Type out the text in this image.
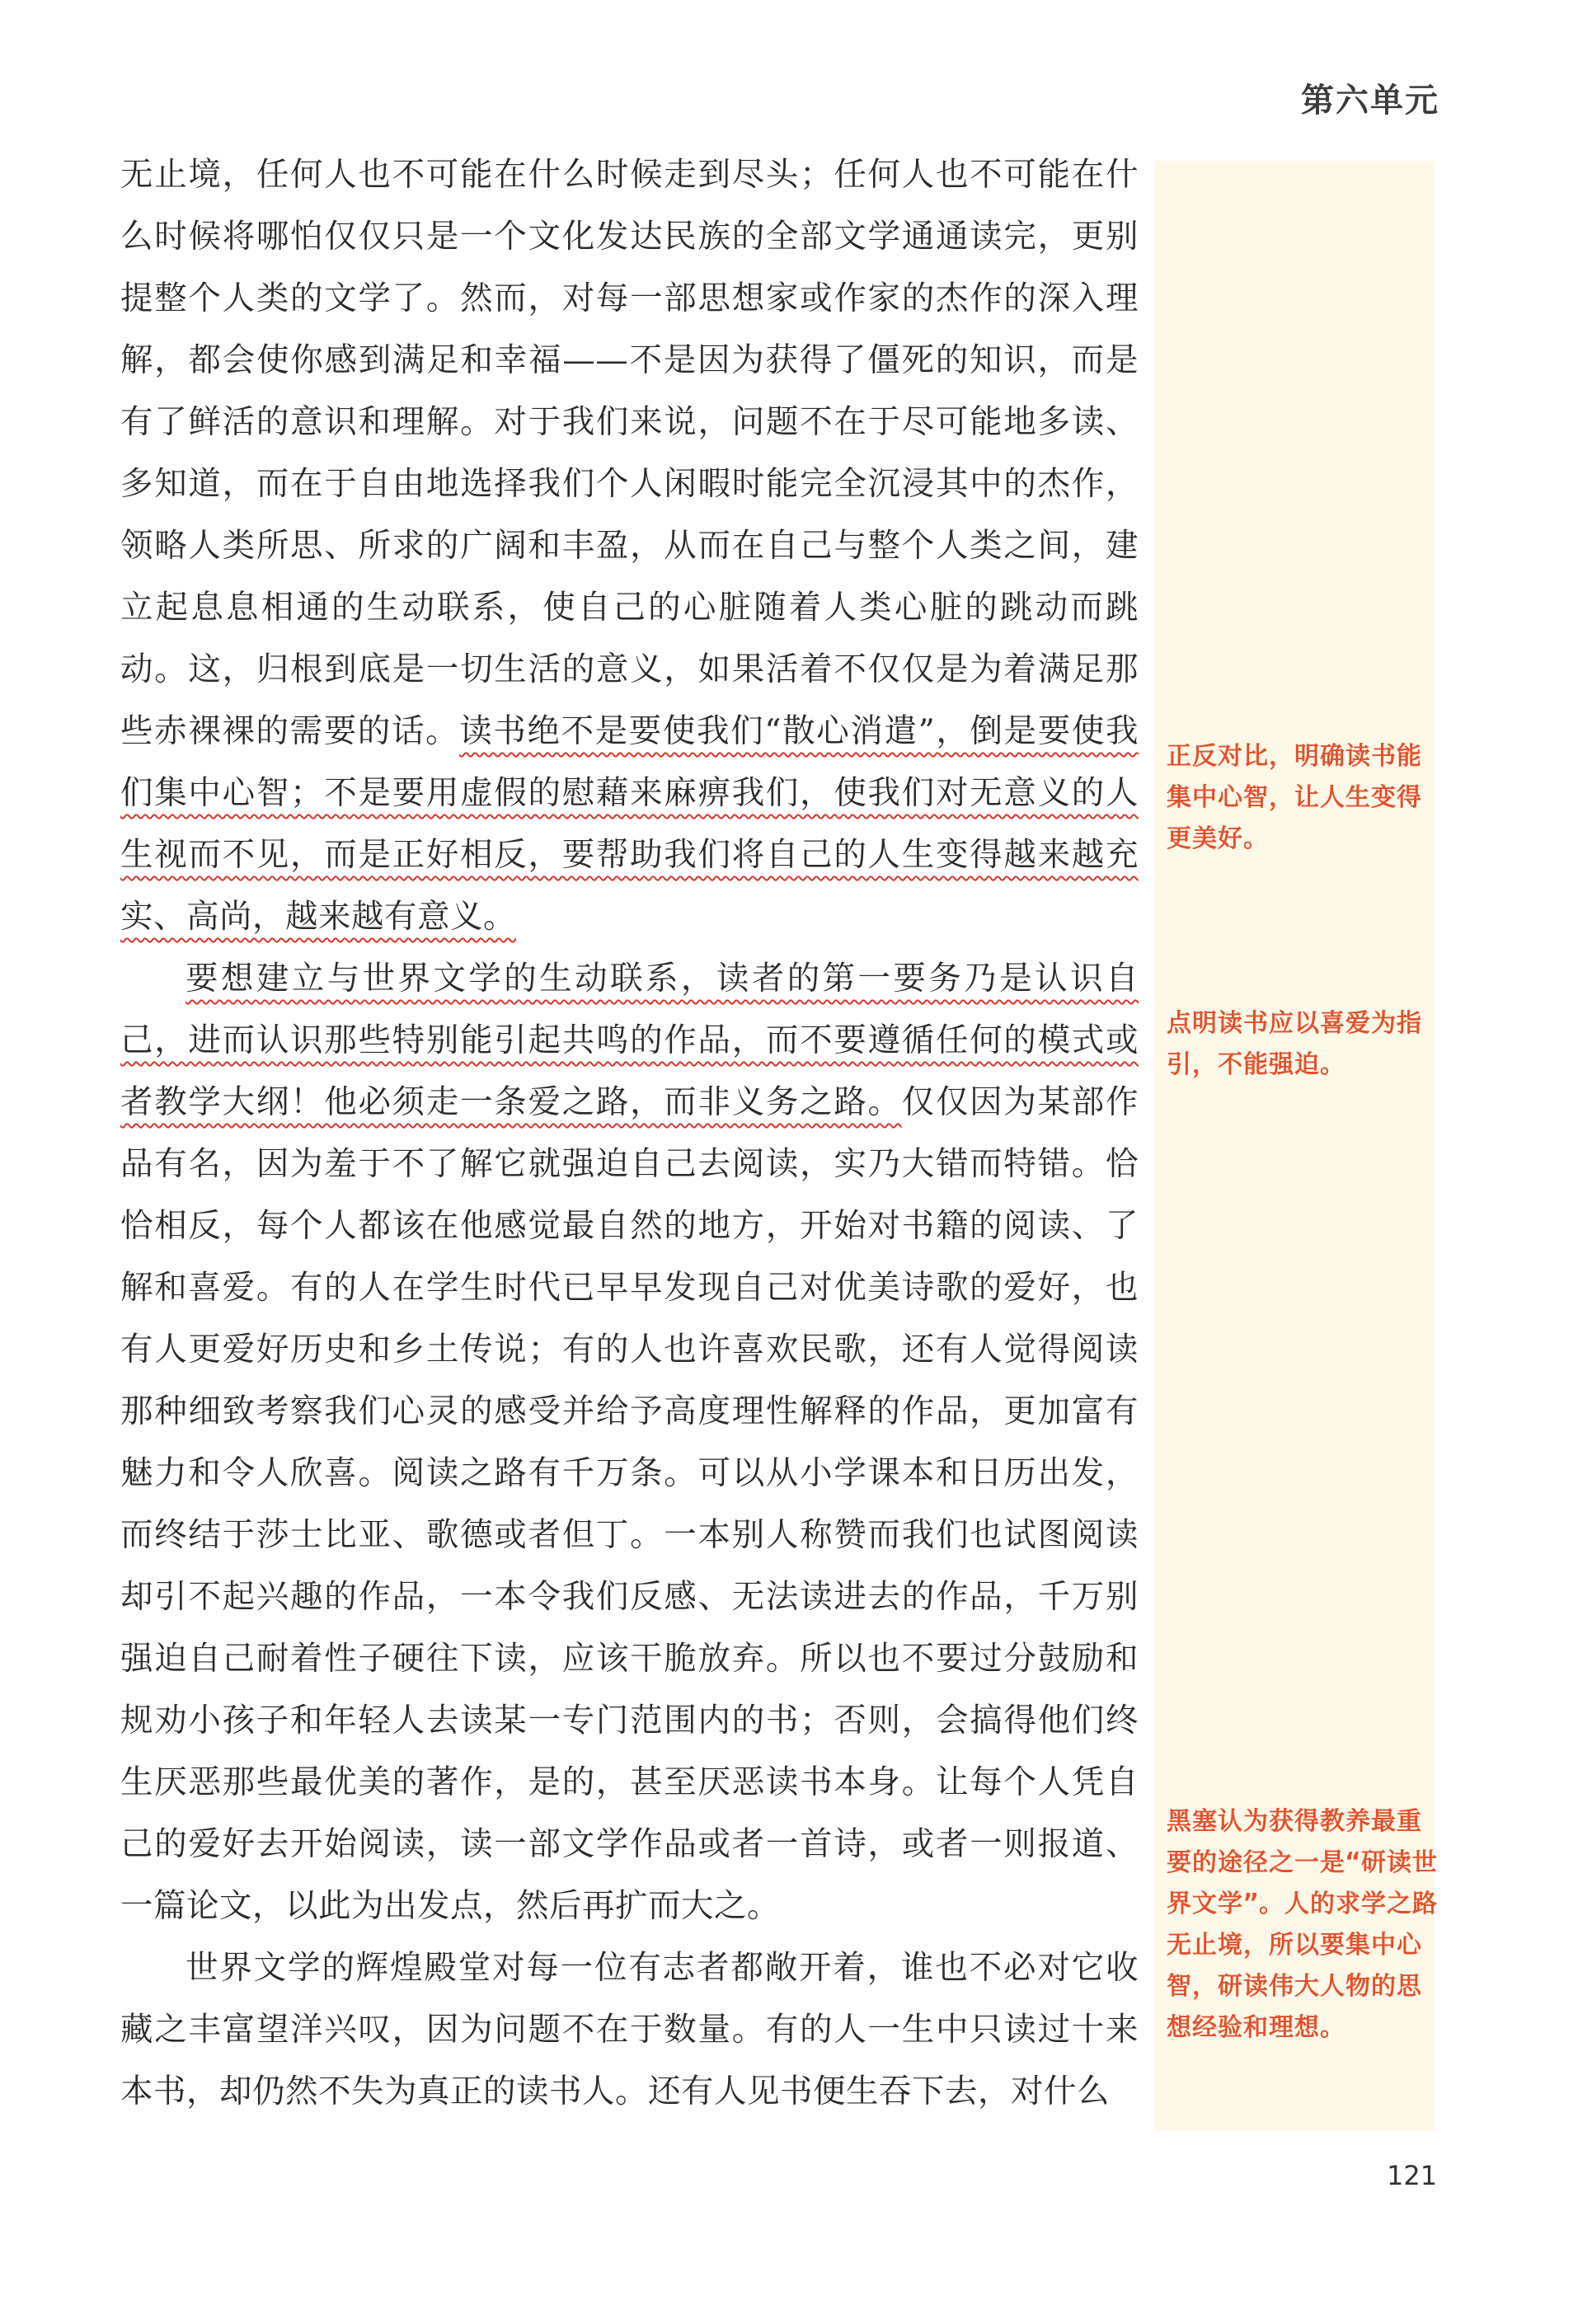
第六单元

无止境，任何人也不可能在什么时候走到尽头；任何人也不可能在什么时候将哪怕仅仅只是一个文化发达民族的全部文学通通读完，更别提整个人类的文学了。然而，对每一部思想家或作家的杰作的深入理解，都会使你感到满足和幸福——不是因为获得了僵死的知识，而是有了鲜活的意识和理解。对于我们来说，问题不在于尽可能地多读、多知道，而在于自由地选择我们个人闲暇时能完全沉浸其中的杰作，领略人类所思、所求的广阔和丰盈，从而在自己与整个人类之间，建立起息息相通的生动联系，使自己的心脏随着人类心脏的跳动而跳动。这，归根到底是一切生活的意义，如果活着不仅仅是为着满足那些赤裸裸的需要的话。读书绝不是要使我们“散心消遣”，倒是要使我们集中心智；不是要用虚假的慰藉来麻痹我们，使我们对无意义的人生视而不见，而是正好相反，要帮助我们将自己的人生变得越来越充实、高尚，越来越有意义。

要想建立与世界文学的生动联系，读者的第一要务乃是认识自己，进而认识那些特别能引起共鸣的作品，而不要遵循任何的模式或者教学大纲！他必须走一条爱之路，而非义务之路。仅仅因为某部作品有名，因为羞于不了解它就强迫自己去阅读，实乃大错而特错。恰恰相反，每个人都该在他感觉最自然的地方，开始对书籍的阅读、了解和喜爱。有的人在学生时代已早早发现自己对优美诗歌的爱好，也有人更爱好历史和乡土传说；有的人也许喜欢民歌，还有人觉得阅读那种细致考察我们心灵的感受并给予高度理性解释的作品，更加富有魅力和令人欣喜。阅读之路有千万条。可以从小学课本和日历出发，而终结于莎士比亚、歌德或者但丁。一本别人称赞而我们也试图阅读却引不起兴趣的作品，一本令我们反感、无法读进去的作品，千万别强迫自己耐着性子硬往下读，应该干脆放弃。所以也不要过分鼓励和规劝小孩子和年轻人去读某一专门范围内的书；否则，会搞得他们终生厌恶那些最优美的著作，是的，甚至厌恶读书本身。让每个人凭自己的爱好去开始阅读，读一部文学作品或者一首诗，或者一则报道、一篇论文，以此为出发点，然后再扩而大之。

世界文学的辉煌殿堂对每一位有志者都敞开着，谁也不必对它收藏之丰富望洋兴叹，因为问题不在于数量。有的人一生中只读过十来本书，却仍然不失为真正的读书人。还有人见书便生吞下去，对什么

正反对比，明确读书能集中心智，让人生变得更美好。
点明读书应以喜爱为指引，不能强迫。
黑塞认为获得教养最重要的途径之一是“研读世界文学”。人的求学之路无止境，所以要集中心智，研读伟大人物的思想经验和理想。
121
